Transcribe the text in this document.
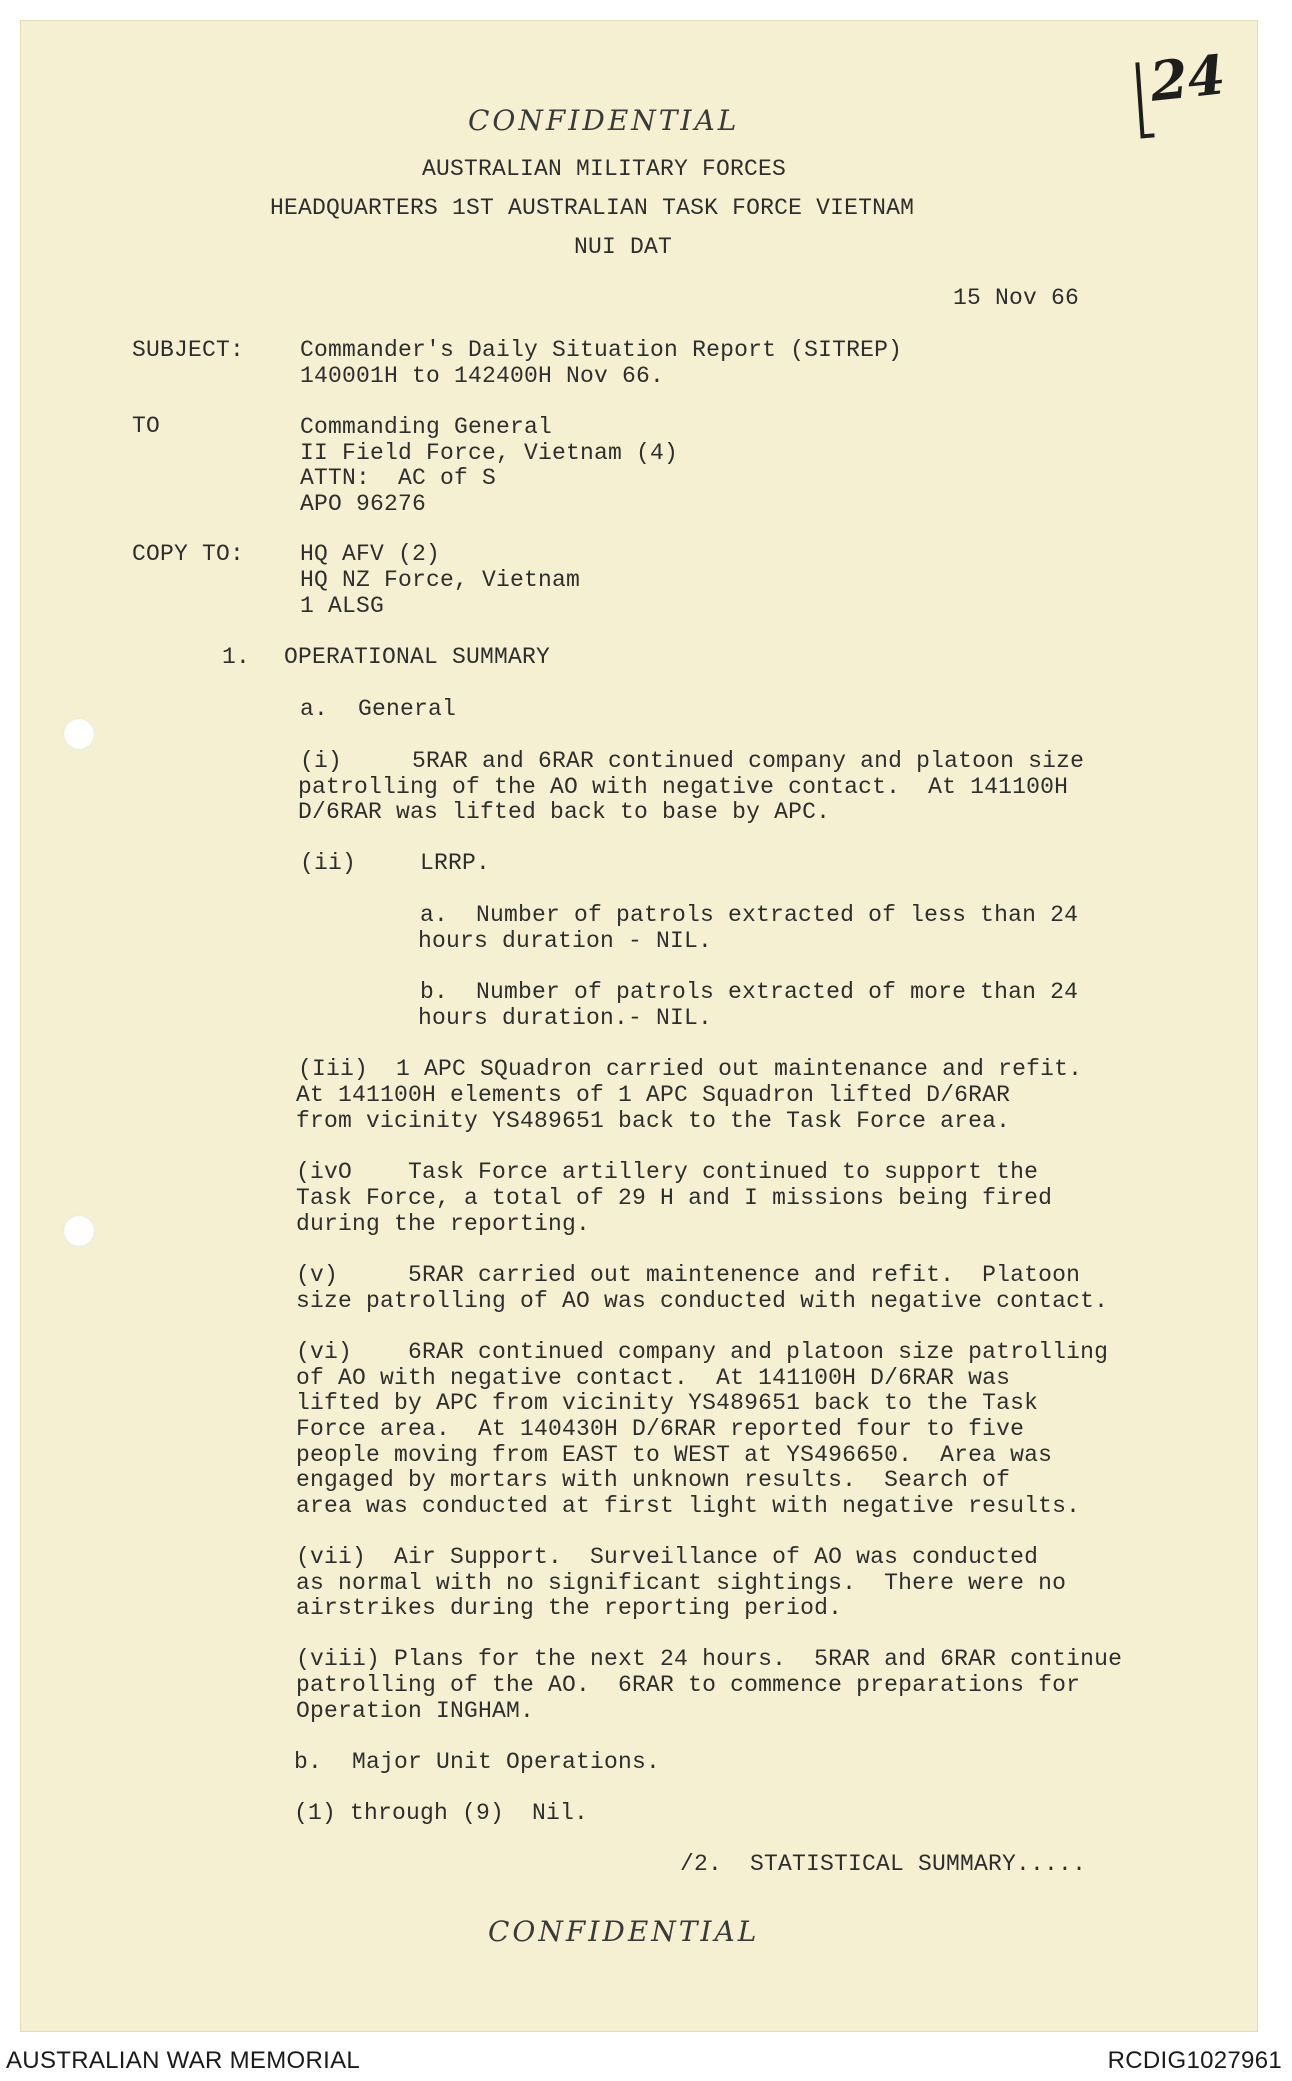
24
CONFIDENTIAL
AUSTRALIAN MILITARY FORCES
HEADQUARTERS 1ST AUSTRALIAN TASK FORCE VIETNAM
NUI DAT
15 Nov 66
SUBJECT: Commander's Daily Situation Report (SITREP)
140001H to 142400H Nov 66.
TO	Commanding General
II Field Force, Vietnam (4)
ATTN:  AC of S
APO 96276
COPY TO: HQ AFV (2)
HQ NZ Force, Vietnam
1 ALSG
1. OPERATIONAL SUMMARY
a. General
(i)     5RAR and 6RAR continued company and platoon size
patrolling of the AO with negative contact.  At 141100H
D/6RAR was lifted back to base by APC.
(ii)	LRRP.
a.  Number of patrols extracted of less than 24
hours duration - NIL.
b.  Number of patrols extracted of more than 24
hours duration.- NIL.
(Iii)  1 APC SQuadron carried out maintenance and refit.
At 141100H elements of 1 APC Squadron lifted D/6RAR
from vicinity YS489651 back to the Task Force area.
(ivO    Task Force artillery continued to support the
Task Force, a total of 29 H and I missions being fired
during the reporting.
(v)     5RAR carried out maintenence and refit.  Platoon
size patrolling of AO was conducted with negative contact.
(vi)    6RAR continued company and platoon size patrolling
of AO with negative contact.  At 141100H D/6RAR was
lifted by APC from vicinity YS489651 back to the Task
Force area.  At 140430H D/6RAR reported four to five
people moving from EAST to WEST at YS496650.  Area was
engaged by mortars with unknown results.  Search of
area was conducted at first light with negative results.
(vii)  Air Support.  Surveillance of AO was conducted
as normal with no significant sightings.  There were no
airstrikes during the reporting period.
(viii) Plans for the next 24 hours.  5RAR and 6RAR continue
patrolling of the AO.  6RAR to commence preparations for
Operation INGHAM.
b. Major Unit Operations.
(1) through (9)  Nil.
/2.  STATISTICAL SUMMARY.....
CONFIDENTIAL
AUSTRALIAN WAR MEMORIAL	RCDIG1027961
